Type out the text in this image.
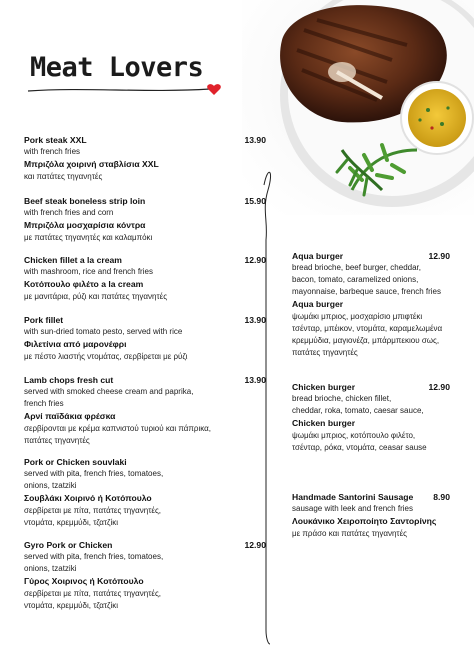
Meat Lovers
Pork steak XXL	13.90
with french fries
Μπριζόλα χοιρινή σταβλίσια XXL
και πατάτες τηγανητές
Beef steak boneless strip loin	15.90
with french fries and corn
Μπριζόλα μοσχαρίσια κόντρα
με πατάτες τηγανητές και καλαμπόκι
Chicken fillet a la cream	12.90
with mashroom, rice and french fries
Κοτόπουλο φιλέτο a la cream
με μανιτάρια, ρύζι και πατάτες τηγανητές
Pork fillet	13.90
with sun-dried tomato pesto, served with rice
Φιλετίνια από μαρονέφρι
με πέστο λιαστής ντομάτας, σερβίρεται με ρύζι
Lamb chops fresh cut	13.90
served with smoked cheese cream and paprika,
french fries
Αρνί παϊδάκια φρέσκα
σερβίρονται με κρέμα καπνιστού τυριού και πάπρικα,
πατάτες τηγανητές
Pork or Chicken souvlaki
served with pita, french fries, tomatoes,
onions, tzatziki
Σουβλάκι Χοιρινό ή Κοτόπουλο
σερβίρεται με πίτα, πατάτες τηγανητές,
ντομάτα, κρεμμύδι, τζατζίκι
Gyro Pork or Chicken	12.90
served with pita, french fries, tomatoes,
onions, tzatziki
Γύρος Χοιρινος ή Κοτόπουλο
σερβίρεται με πίτα, πατάτες τηγανητές,
ντομάτα, κρεμμύδι, τζατζίκι
Aqua burger	12.90
bread brioche, beef burger, cheddar,
bacon, tomato, caramelized onions,
mayonnaise, barbeque sauce, french fries
Aqua burger
ψωμάκι μπριος, μοσχαρίσιο μπιφτέκι
τσένταρ, μπέικον, ντομάτα, καραμελωμένα
κρεμμύδια, μαγιονέζα, μπάρμπεκιου σως,
πατάτες τηγανητές
Chicken burger	12.90
bread brioche, chicken fillet,
cheddar, roka, tomato, caesar sauce,
Chicken burger
ψωμάκι μπριος, κοτόπουλο φιλέτο,
τσένταρ, ρόκα, ντομάτα, ceasar sause
Handmade Santorini Sausage 8.90
sausage with leek and french fries
Λουκάνικο Χειροποίητο Σαντορίνης
με πράσο και πατάτες τηγανητές
